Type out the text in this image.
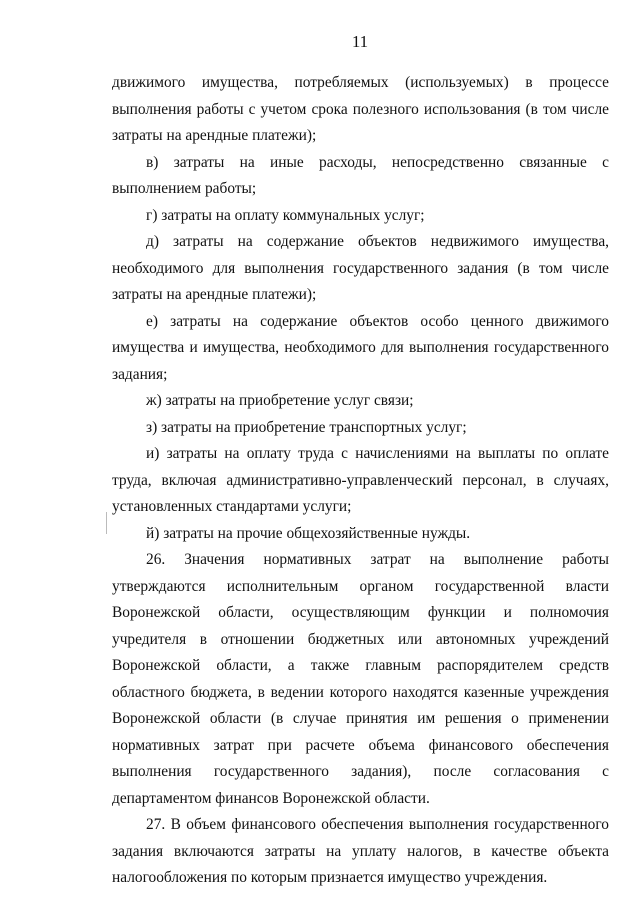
11

движимого имущества, потребляемых (используемых) в процессе выполнения работы с учетом срока полезного использования (в том числе затраты на арендные платежи);

в) затраты на иные расходы, непосредственно связанные с выполнением работы;

г) затраты на оплату коммунальных услуг;

д) затраты на содержание объектов недвижимого имущества, необходимого для выполнения государственного задания (в том числе затраты на арендные платежи);

е) затраты на содержание объектов особо ценного движимого имущества и имущества, необходимого для выполнения государственного задания;

ж) затраты на приобретение услуг связи;

з) затраты на приобретение транспортных услуг;

и) затраты на оплату труда с начислениями на выплаты по оплате труда, включая административно-управленческий персонал, в случаях, установленных стандартами услуги;

й) затраты на прочие общехозяйственные нужды.

26. Значения нормативных затрат на выполнение работы утверждаются исполнительным органом государственной власти Воронежской области, осуществляющим функции и полномочия учредителя в отношении бюджетных или автономных учреждений Воронежской области, а также главным распорядителем средств областного бюджета, в ведении которого находятся казенные учреждения Воронежской области (в случае принятия им решения о применении нормативных затрат при расчете объема финансового обеспечения выполнения государственного задания), после согласования с департаментом финансов Воронежской области.

27. В объем финансового обеспечения выполнения государственного задания включаются затраты на уплату налогов, в качестве объекта налогообложения по которым признается имущество учреждения.
